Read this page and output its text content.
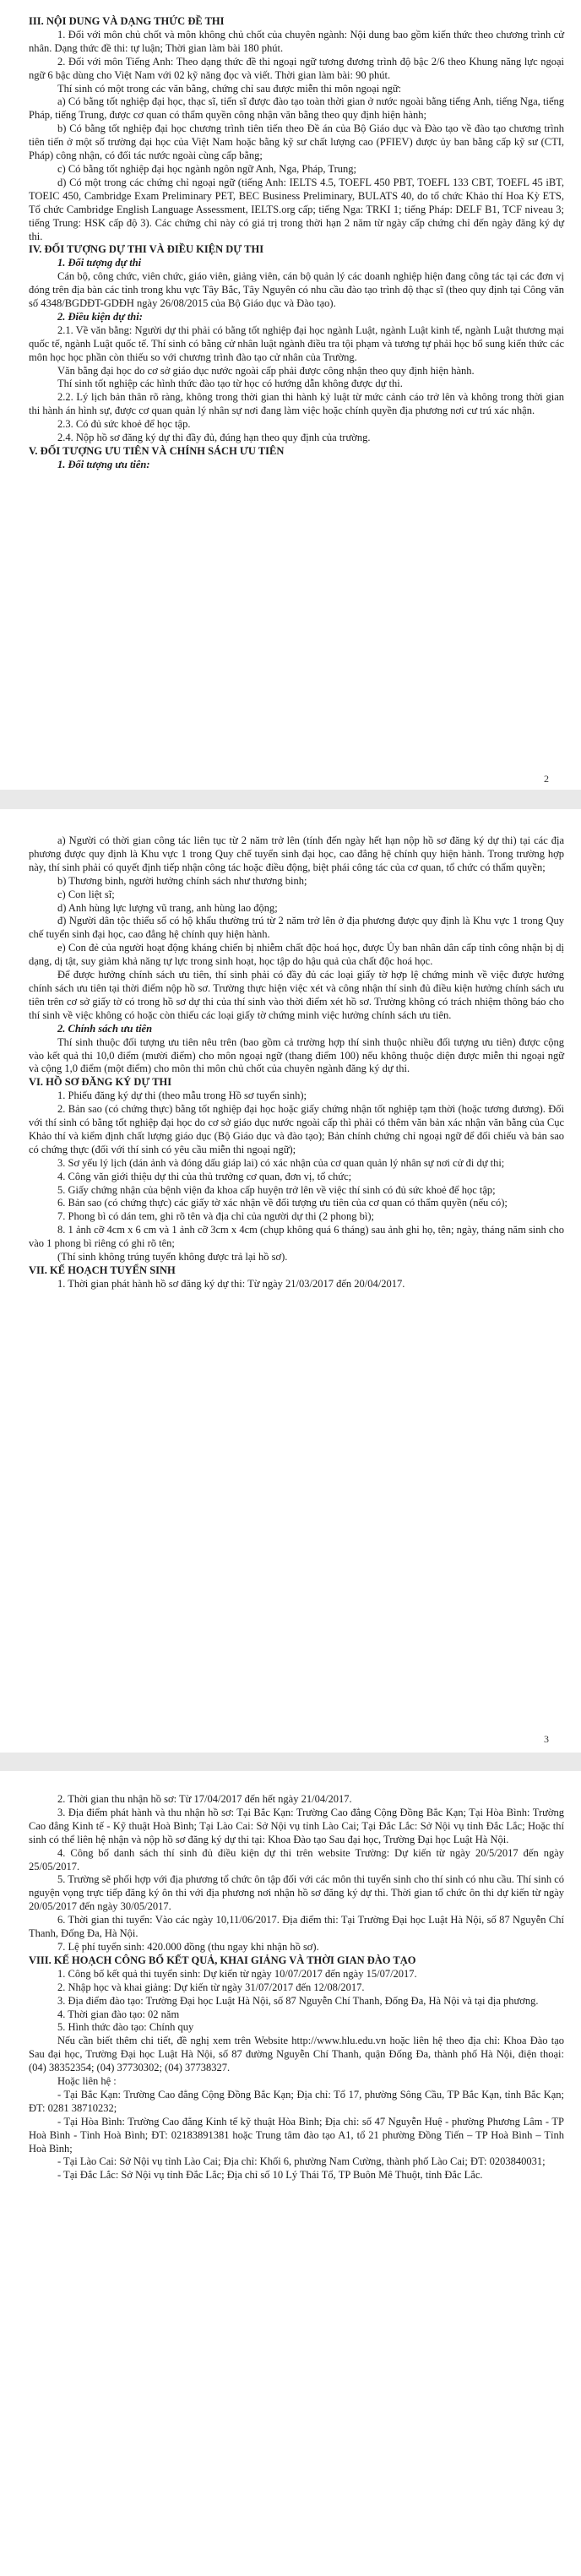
III. NỘI DUNG VÀ DẠNG THỨC ĐỀ THI

1. Đối với môn chủ chốt và môn không chủ chốt của chuyên ngành: Nội dung bao gồm kiến thức theo chương trình cử nhân. Dạng thức đề thi: tự luận; Thời gian làm bài 180 phút.

2. Đối với môn Tiếng Anh: Theo dạng thức đề thi ngoại ngữ tương đương trình độ bậc 2/6 theo Khung năng lực ngoại ngữ 6 bậc dùng cho Việt Nam với 02 kỹ năng đọc và viết. Thời gian làm bài: 90 phút.

Thí sinh có một trong các văn bằng, chứng chỉ sau được miễn thi môn ngoại ngữ:

a) Có bằng tốt nghiệp đại học, thạc sĩ, tiến sĩ được đào tạo toàn thời gian ở nước ngoài bằng tiếng Anh, tiếng Nga, tiếng Pháp, tiếng Trung, được cơ quan có thẩm quyền công nhận văn bằng theo quy định hiện hành;

b) Có bằng tốt nghiệp đại học chương trình tiên tiến theo Đề án của Bộ Giáo dục và Đào tạo về đào tạo chương trình tiên tiến ở một số trường đại học của Việt Nam hoặc bằng kỹ sư chất lượng cao (PFIEV) được ủy ban bằng cấp kỹ sư (CTI, Pháp) công nhận, có đối tác nước ngoài cùng cấp bằng;

c) Có bằng tốt nghiệp đại học ngành ngôn ngữ Anh, Nga, Pháp, Trung;

d) Có một trong các chứng chỉ ngoại ngữ (tiếng Anh: IELTS 4.5, TOEFL 450 PBT, TOEFL 133 CBT, TOEFL 45 iBT, TOEIC 450, Cambridge Exam Preliminary PET, BEC Business Preliminary, BULATS 40, do tổ chức Khảo thí Hoa Kỳ ETS, Tổ chức Cambridge English Language Assessment, IELTS.org cấp; tiếng Nga: TRKI 1; tiếng Pháp: DELF B1, TCF niveau 3; tiếng Trung: HSK cấp độ 3). Các chứng chỉ này có giá trị trong thời hạn 2 năm từ ngày cấp chứng chỉ đến ngày đăng ký dự thi.

IV. ĐỐI TƯỢNG DỰ THI VÀ ĐIỀU KIỆN DỰ THI

1. Đối tượng dự thi

Cán bộ, công chức, viên chức, giáo viên, giảng viên, cán bộ quản lý các doanh nghiệp hiện đang công tác tại các đơn vị đóng trên địa bàn các tỉnh trong khu vực Tây Bắc, Tây Nguyên có nhu cầu đào tạo trình độ thạc sĩ (theo quy định tại Công văn số 4348/BGDĐT-GDĐH ngày 26/08/2015 của Bộ Giáo dục và Đào tạo).

2. Điều kiện dự thi:

2.1. Về văn bằng: Người dự thi phải có bằng tốt nghiệp đại học ngành Luật, ngành Luật kinh tế, ngành Luật thương mại quốc tế, ngành Luật quốc tế. Thí sinh có bằng cử nhân luật ngành điều tra tội phạm và tương tự phải học bổ sung kiến thức các môn học học phần còn thiếu so với chương trình đào tạo cử nhân của Trường.

Văn bằng đại học do cơ sở giáo dục nước ngoài cấp phải được công nhận theo quy định hiện hành.

Thí sinh tốt nghiệp các hình thức đào tạo từ học có hướng dẫn không được dự thi.

2.2. Lý lịch bản thân rõ ràng, không trong thời gian thi hành kỷ luật từ mức cảnh cáo trở lên và không trong thời gian thi hành án hình sự, được cơ quan quản lý nhân sự nơi đang làm việc hoặc chính quyền địa phương nơi cư trú xác nhận.

2.3. Có đủ sức khoẻ để học tập.

2.4. Nộp hồ sơ đăng ký dự thi đầy đủ, đúng hạn theo quy định của trường.

V. ĐỐI TƯỢNG ƯU TIÊN VÀ CHÍNH SÁCH ƯU TIÊN

1. Đối tượng ưu tiên:

2

a) Người có thời gian công tác liên tục từ 2 năm trở lên (tính đến ngày hết hạn nộp hồ sơ đăng ký dự thi) tại các địa phương được quy định là Khu vực 1 trong Quy chế tuyển sinh đại học, cao đẳng hệ chính quy hiện hành. Trong trường hợp này, thí sinh phải có quyết định tiếp nhận công tác hoặc điều động, biệt phái công tác của cơ quan, tổ chức có thẩm quyền;

b) Thương binh, người hưởng chính sách như thương binh;

c) Con liệt sĩ;

d) Anh hùng lực lượng vũ trang, anh hùng lao động;

đ) Người dân tộc thiểu số có hộ khẩu thường trú từ 2 năm trở lên ở địa phương được quy định là Khu vực 1 trong Quy chế tuyển sinh đại học, cao đẳng hệ chính quy hiện hành.

e) Con đẻ của người hoạt động kháng chiến bị nhiễm chất độc hoá học, được Ủy ban nhân dân cấp tỉnh công nhận bị dị dạng, dị tật, suy giảm khả năng tự lực trong sinh hoạt, học tập do hậu quả của chất độc hoá học.

Để được hưởng chính sách ưu tiên, thí sinh phải có đầy đủ các loại giấy tờ hợp lệ chứng minh về việc được hưởng chính sách ưu tiên tại thời điểm nộp hồ sơ. Trường thực hiện việc xét và công nhận thí sinh đủ điều kiện hưởng chính sách ưu tiên trên cơ sở giấy tờ có trong hồ sơ dự thi của thí sinh vào thời điểm xét hồ sơ. Trường không có trách nhiệm thông báo cho thí sinh về việc không có hoặc còn thiếu các loại giấy tờ chứng minh việc hưởng chính sách ưu tiên.

2. Chính sách ưu tiên

Thí sinh thuộc đối tượng ưu tiên nêu trên (bao gồm cả trường hợp thí sinh thuộc nhiều đối tượng ưu tiên) được cộng vào kết quả thi 10,0 điểm (mười điểm) cho môn ngoại ngữ (thang điểm 100) nếu không thuộc diện được miễn thi ngoại ngữ và cộng 1,0 điểm (một điểm) cho môn thi môn chủ chốt của chuyên ngành đăng ký dự thi.

VI. HỒ SƠ ĐĂNG KÝ DỰ THI

1. Phiếu đăng ký dự thi (theo mẫu trong Hồ sơ tuyển sinh);

2. Bản sao (có chứng thực) bằng tốt nghiệp đại học hoặc giấy chứng nhận tốt nghiệp tạm thời (hoặc tương đương). Đối với thí sinh có bằng tốt nghiệp đại học do cơ sở giáo dục nước ngoài cấp thì phải có thêm văn bản xác nhận văn bằng của Cục Khảo thí và kiểm định chất lượng giáo dục (Bộ Giáo dục và đào tạo); Bản chính chứng chỉ ngoại ngữ để đối chiếu và bản sao có chứng thực (đối với thí sinh có yêu cầu miễn thi ngoại ngữ);

3. Sơ yếu lý lịch (dán ảnh và đóng dấu giáp lai) có xác nhận của cơ quan quản lý nhân sự nơi cử đi dự thi;

4. Công văn giới thiệu dự thi của thủ trưởng cơ quan, đơn vị, tổ chức;

5. Giấy chứng nhận của bệnh viện đa khoa cấp huyện trở lên về việc thí sinh có đủ sức khoẻ để học tập;

6. Bản sao (có chứng thực) các giấy tờ xác nhận về đối tượng ưu tiên của cơ quan có thẩm quyền (nếu có);

7. Phong bì có dán tem, ghi rõ tên và địa chỉ của người dự thi (2 phong bì);

8. 1 ảnh cỡ 4cm x 6 cm và 1 ảnh cỡ 3cm x 4cm (chụp không quá 6 tháng) sau ảnh ghi họ, tên; ngày, tháng năm sinh cho vào 1 phong bì riêng có ghi rõ tên;

(Thí sinh không trúng tuyển không được trả lại hồ sơ).

VII. KẾ HOẠCH TUYỂN SINH

1. Thời gian phát hành hồ sơ đăng ký dự thi: Từ ngày 21/03/2017 đến 20/04/2017.

3

2. Thời gian thu nhận hồ sơ: Từ 17/04/2017 đến hết ngày 21/04/2017.

3. Địa điểm phát hành và thu nhận hồ sơ: Tại Bắc Kạn: Trường Cao đẳng Cộng Đồng Bắc Kạn; Tại Hòa Bình: Trường Cao đẳng Kinh tế - Kỹ thuật Hoà Bình; Tại Lào Cai: Sở Nội vụ tỉnh Lào Cai; Tại Đắc Lắc: Sở Nội vụ tỉnh Đắc Lắc; Hoặc thí sinh có thể liên hệ nhận và nộp hồ sơ đăng ký dự thi tại: Khoa Đào tạo Sau đại học, Trường Đại học Luật Hà Nội.

4. Công bố danh sách thí sinh đủ điều kiện dự thi trên website Trường: Dự kiến từ ngày 20/5/2017 đến ngày 25/05/2017.

5. Trường sẽ phối hợp với địa phương tổ chức ôn tập đối với các môn thi tuyển sinh cho thí sinh có nhu cầu. Thí sinh có nguyện vọng trực tiếp đăng ký ôn thi với địa phương nơi nhận hồ sơ đăng ký dự thi. Thời gian tổ chức ôn thi dự kiến từ ngày 20/05/2017 đến ngày 30/05/2017.

6. Thời gian thi tuyển: Vào các ngày 10,11/06/2017. Địa điểm thi: Tại Trường Đại học Luật Hà Nội, số 87 Nguyễn Chí Thanh, Đống Đa, Hà Nội.

7. Lệ phí tuyển sinh: 420.000 đồng (thu ngay khi nhận hồ sơ).

VIII. KẾ HOẠCH CÔNG BỐ KẾT QUẢ, KHAI GIẢNG VÀ THỜI GIAN ĐÀO TẠO

1. Công bố kết quả thi tuyển sinh: Dự kiến từ ngày 10/07/2017 đến ngày 15/07/2017.

2. Nhập học và khai giảng: Dự kiến từ ngày 31/07/2017 đến 12/08/2017.

3. Địa điểm đào tạo: Trường Đại học Luật Hà Nội, số 87 Nguyễn Chí Thanh, Đống Đa, Hà Nội và tại địa phương.

4. Thời gian đào tạo: 02 năm

5. Hình thức đào tạo: Chính quy

Nếu cần biết thêm chi tiết, đề nghị xem trên Website http://www.hlu.edu.vn hoặc liên hệ theo địa chỉ: Khoa Đào tạo Sau đại học, Trường Đại học Luật Hà Nội, số 87 đường Nguyễn Chí Thanh, quận Đống Đa, thành phố Hà Nội, điện thoại: (04) 38352354; (04) 37730302; (04) 37738327.

Hoặc liên hệ :

- Tại Bắc Kạn: Trường Cao đẳng Cộng Đồng Bắc Kạn; Địa chỉ: Tổ 17, phường Sông Cầu, TP Bắc Kạn, tỉnh Bắc Kạn; ĐT: 0281 38710232;

- Tại Hòa Bình: Trường Cao đẳng Kinh tế kỹ thuật Hòa Bình; Địa chỉ: số 47 Nguyễn Huệ - phường Phương Lâm - TP Hoà Bình - Tỉnh Hoà Bình; ĐT: 02183891381 hoặc Trung tâm đào tạo A1, tổ 21 phường Đồng Tiến – TP Hoà Bình – Tỉnh Hoà Bình;

- Tại Lào Cai: Sở Nội vụ tỉnh Lào Cai; Địa chỉ: Khối 6, phường Nam Cường, thành phố Lào Cai; ĐT: 0203840031;

- Tại Đắc Lắc: Sở Nội vụ tỉnh Đắc Lắc; Địa chỉ số 10 Lý Thái Tổ, TP Buôn Mê Thuột, tỉnh Đắc Lắc.
